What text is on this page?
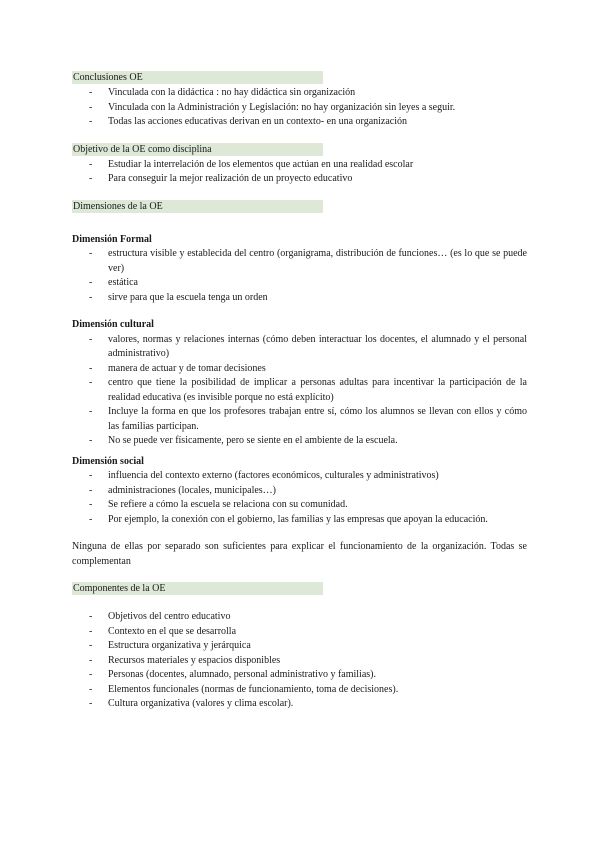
Conclusiones OE
- Vinculada con la didáctica : no hay didáctica sin organización
- Vinculada con la Administración y Legislación: no hay organización sin leyes a seguir.
- Todas las acciones educativas derivan en un contexto- en una organización
Objetivo de la OE como disciplina
- Estudiar la interrelación de los elementos que actúan en una realidad escolar
- Para conseguir la mejor realización de un proyecto educativo
Dimensiones de la OE
Dimensión Formal
- estructura visible y establecida del centro (organigrama, distribución de funciones… (es lo que se puede ver)
- estática
- sirve para que la escuela tenga un orden
Dimensión cultural
- valores, normas y relaciones internas (cómo deben interactuar los docentes, el alumnado y el personal administrativo)
- manera de actuar y de tomar decisiones
- centro que tiene la posibilidad de implicar a personas adultas para incentivar la participación de la realidad educativa (es invisible porque no está explícito)
- Incluye la forma en que los profesores trabajan entre sí, cómo los alumnos se llevan con ellos y cómo las familias participan.
- No se puede ver físicamente, pero se siente en el ambiente de la escuela.
Dimensión social
- influencia del contexto externo (factores económicos, culturales y administrativos)
- administraciones (locales, municipales…)
- Se refiere a cómo la escuela se relaciona con su comunidad.
- Por ejemplo, la conexión con el gobierno, las familias y las empresas que apoyan la educación.

Ninguna de ellas por separado son suficientes para explicar el funcionamiento de la organización. Todas se complementan

Componentes de la OE
- Objetivos del centro educativo
- Contexto en el que se desarrolla
- Estructura organizativa y jerárquica
- Recursos materiales y espacios disponibles
- Personas (docentes, alumnado, personal administrativo y familias).
- Elementos funcionales (normas de funcionamiento, toma de decisiones).
- Cultura organizativa (valores y clima escolar).
